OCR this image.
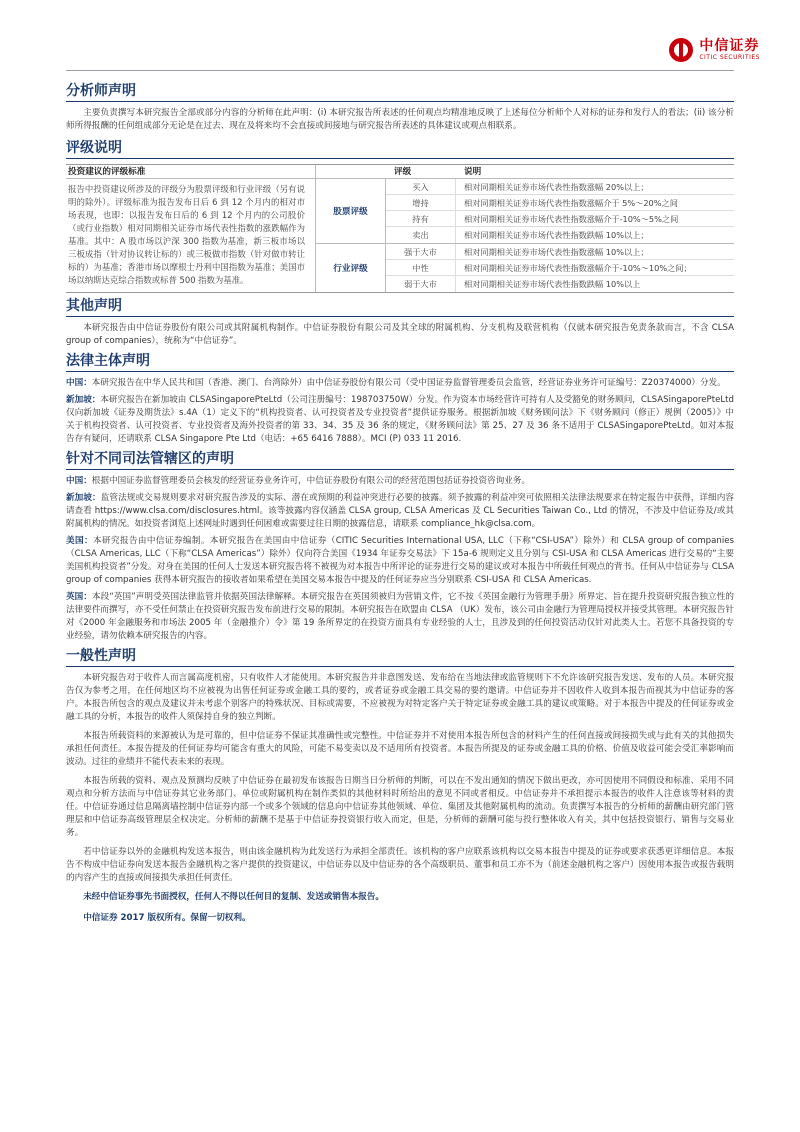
中信证券
CITIC SECURITIES
分析师声明

主要负责撰写本研究报告全部或部分内容的分析师在此声明：(i) 本研究报告所表述的任何观点均精准地反映了上述每位分析师个人对标的证券和发行人的看法；(ii) 该分析师所得报酬的任何组成部分无论是在过去、现在及将来均不会直接或间接地与研究报告所表述的具体建议或观点相联系。

评级说明
投资建议的评级标准
报告中投资建议所涉及的评级分为股票评级和行业评级（另有说明的除外）。评级标准为报告发布日后 6 到 12 个月内的相对市场表现，也即：以报告发布日后的 6 到 12 个月内的公司股价（或行业指数）相对同期相关证券市场代表性指数的涨跌幅作为基准。其中：A 股市场以沪深 300 指数为基准，新三板市场以三板成指（针对协议转让标的）或三板做市指数（针对做市转让标的）为基准；香港市场以摩根士丹利中国指数为基准；美国市场以纳斯达克综合指数或标普 500 指数为基准。
评级	说明
股票评级
买入	相对同期相关证券市场代表性指数涨幅 20%以上；
增持	相对同期相关证券市场代表性指数涨幅介于 5%～20%之间
持有	相对同期相关证券市场代表性指数涨幅介于-10%～5%之间
卖出	相对同期相关证券市场代表性指数跌幅 10%以上；
行业评级
强于大市	相对同期相关证券市场代表性指数涨幅 10%以上；
中性	相对同期相关证券市场代表性指数涨幅介于-10%～10%之间；
弱于大市	相对同期相关证券市场代表性指数跌幅 10%以上
其他声明

本研究报告由中信证券股份有限公司或其附属机构制作。中信证券股份有限公司及其全球的附属机构、分支机构及联营机构（仅就本研究报告免责条款而言，不含 CLSA group of companies），统称为“中信证券”。

法律主体声明

中国：本研究报告在中华人民共和国（香港、澳门、台湾除外）由中信证券股份有限公司（受中国证券监督管理委员会监管，经营证券业务许可证编号：Z20374000）分发。

新加坡：本研究报告在新加坡由 CLSASingaporePteLtd（公司注册编号：198703750W）分发。作为资本市场经营许可持有人及受豁免的财务顾问，CLSASingaporePteLtd 仅向新加坡《证券及期货法》s.4A（1）定义下的“机构投资者、认可投资者及专业投资者”提供证券服务。根据新加坡《财务顾问法》下《财务顾问（修正）规例（2005）》中关于机构投资者、认可投资者、专业投资者及海外投资者的第 33、34、35 及 36 条的规定，《财务顾问法》第 25、27 及 36 条不适用于 CLSASingaporePteLtd。如对本报告存有疑问，还请联系 CLSA Singapore Pte Ltd（电话：+65 6416 7888）。MCI (P) 033 11 2016.

针对不同司法管辖区的声明

中国：根据中国证券监督管理委员会核发的经营证券业务许可，中信证券股份有限公司的经营范围包括证券投资咨询业务。

新加坡：监管法规或交易规则要求对研究报告涉及的实际、潜在或预期的利益冲突进行必要的披露。须予披露的利益冲突可依照相关法律法规要求在特定报告中获得，详细内容请查看 https://www.clsa.com/disclosures.html。该等披露内容仅涵盖 CLSA group, CLSA Americas 及 CL Securities Taiwan Co., Ltd 的情况，不涉及中信证券及/或其附属机构的情况。如投资者浏览上述网址时遇到任何困难或需要过往日期的披露信息，请联系 compliance_hk@clsa.com。

美国：本研究报告由中信证券编制。本研究报告在美国由中信证券（CITIC Securities International USA, LLC（下称“CSI-USA”）除外）和 CLSA group of companies（CLSA Americas, LLC（下称“CLSA Americas”）除外）仅向符合美国《1934 年证券交易法》下 15a-6 规则定义且分别与 CSI-USA 和 CLSA Americas 进行交易的“主要美国机构投资者”分发。对身在美国的任何人士发送本研究报告将不被视为对本报告中所评论的证券进行交易的建议或对本报告中所载任何观点的背书。任何从中信证券与 CLSA group of companies 获得本研究报告的接收者如果希望在美国交易本报告中提及的任何证券应当分别联系 CSI-USA 和 CLSA Americas.

英国：本段“英国”声明受英国法律监管并依据英国法律解释。本研究报告在英国须被归为营销文件，它不按《英国金融行为管理手册》所界定、旨在提升投资研究报告独立性的法律要件而撰写，亦不受任何禁止在投资研究报告发布前进行交易的限制。本研究报告在欧盟由 CLSA （UK）发布，该公司由金融行为管理局授权并接受其管理。本研究报告针对《2000 年金融服务和市场法 2005 年（金融推介）令》第 19 条所界定的在投资方面具有专业经验的人士，且涉及到的任何投资活动仅针对此类人士。若您不具备投资的专业经验，请勿依赖本研究报告的内容。

一般性声明

本研究报告对于收件人而言属高度机密，只有收件人才能使用。本研究报告并非意图发送、发布给在当地法律或监管规则下不允许该研究报告发送、发布的人员。本研究报告仅为参考之用，在任何地区均不应被视为出售任何证券或金融工具的要约，或者证券或金融工具交易的要约邀请。中信证券并不因收件人收到本报告而视其为中信证券的客户。本报告所包含的观点及建议并未考虑个别客户的特殊状况、目标或需要，不应被视为对特定客户关于特定证券或金融工具的建议或策略。对于本报告中提及的任何证券或金融工具的分析，本报告的收件人须保持自身的独立判断。

本报告所载资料的来源被认为是可靠的，但中信证券不保证其准确性或完整性。中信证券并不对使用本报告所包含的材料产生的任何直接或间接损失或与此有关的其他损失承担任何责任。本报告提及的任何证券均可能含有重大的风险，可能不易变卖以及不适用所有投资者。本报告所提及的证券或金融工具的价格、价值及收益可能会受汇率影响而波动。过往的业绩并不能代表未来的表现。

本报告所载的资料、观点及预测均反映了中信证券在最初发布该报告日期当日分析师的判断，可以在不发出通知的情况下做出更改，亦可因使用不同假设和标准、采用不同观点和分析方法而与中信证券其它业务部门、单位或附属机构在制作类似的其他材料时所给出的意见不同或者相反。中信证券并不承担提示本报告的收件人注意该等材料的责任。中信证券通过信息隔离墙控制中信证券内部一个或多个领域的信息向中信证券其他领域、单位、集团及其他附属机构的流动。负责撰写本报告的分析师的薪酬由研究部门管理层和中信证券高级管理层全权决定。分析师的薪酬不是基于中信证券投资银行收入而定，但是，分析师的薪酬可能与投行整体收入有关，其中包括投资银行、销售与交易业务。

若中信证券以外的金融机构发送本报告，则由该金融机构为此发送行为承担全部责任。该机构的客户应联系该机构以交易本报告中提及的证券或要求获悉更详细信息。本报告不构成中信证券向发送本报告金融机构之客户提供的投资建议，中信证券以及中信证券的各个高级职员、董事和员工亦不为（前述金融机构之客户）因使用本报告或报告载明的内容产生的直接或间接损失承担任何责任。

未经中信证券事先书面授权，任何人不得以任何目的复制、发送或销售本报告。

中信证券 2017 版权所有。保留一切权利。
